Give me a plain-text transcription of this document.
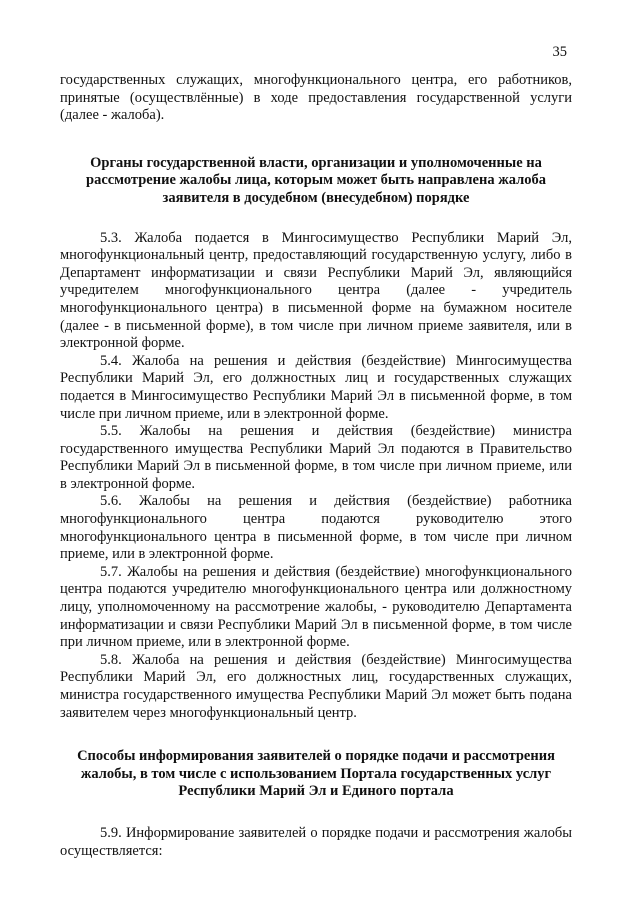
35

государственных служащих, многофункционального центра, его работников, принятые (осуществлённые) в ходе предоставления государственной услуги (далее - жалоба).

Органы государственной власти, организации и уполномоченные на рассмотрение жалобы лица, которым может быть направлена жалоба заявителя в досудебном (внесудебном) порядке

5.3. Жалоба подается в Мингосимущество Республики Марий Эл, многофункциональный центр, предоставляющий государственную услугу, либо в Департамент информатизации и связи Республики Марий Эл, являющийся учредителем многофункционального центра (далее - учредитель многофункционального центра) в письменной форме на бумажном носителе (далее - в письменной форме), в том числе при личном приеме заявителя, или в электронной форме.

5.4. Жалоба на решения и действия (бездействие) Мингосимущества Республики Марий Эл, его должностных лиц и государственных служащих подается в Мингосимущество Республики Марий Эл в письменной форме, в том числе при личном приеме, или в электронной форме.

5.5. Жалобы на решения и действия (бездействие) министра государственного имущества Республики Марий Эл подаются в Правительство Республики Марий Эл в письменной форме, в том числе при личном приеме, или в электронной форме.

5.6. Жалобы на решения и действия (бездействие) работника многофункционального центра подаются руководителю этого многофункционального центра в письменной форме, в том числе при личном приеме, или в электронной форме.

5.7. Жалобы на решения и действия (бездействие) многофункционального центра подаются учредителю многофункционального центра или должностному лицу, уполномоченному на рассмотрение жалобы, - руководителю Департамента информатизации и связи Республики Марий Эл в письменной форме, в том числе при личном приеме, или в электронной форме.

5.8. Жалоба на решения и действия (бездействие) Мингосимущества Республики Марий Эл, его должностных лиц, государственных служащих, министра государственного имущества Республики Марий Эл может быть подана заявителем через многофункциональный центр.

Способы информирования заявителей о порядке подачи и рассмотрения жалобы, в том числе с использованием Портала государственных услуг Республики Марий Эл и Единого портала

5.9. Информирование заявителей о порядке подачи и рассмотрения жалобы осуществляется:
